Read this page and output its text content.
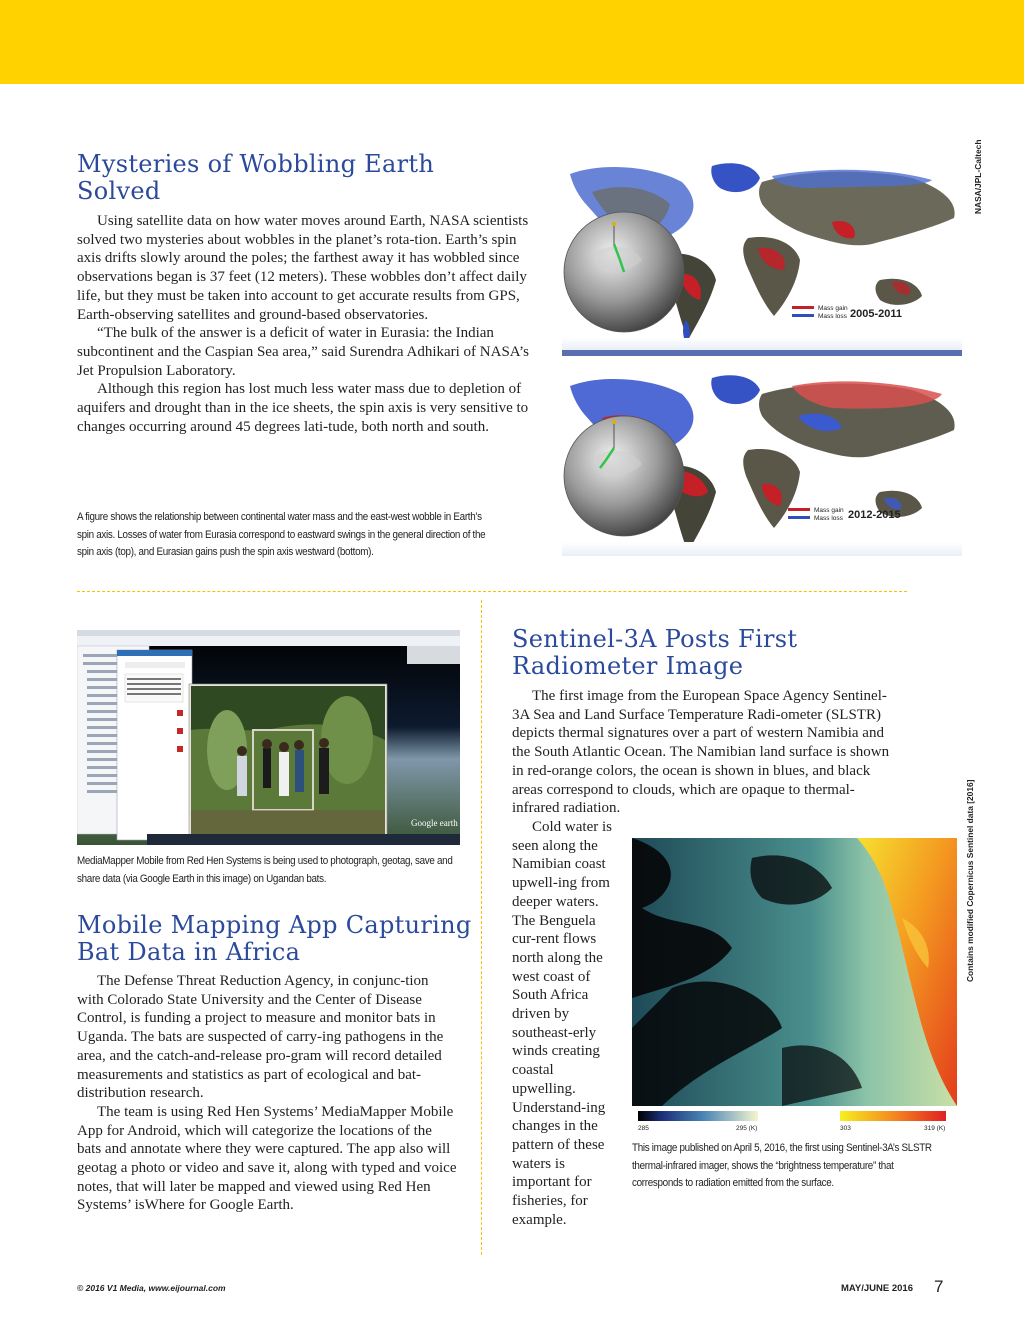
Mysteries of Wobbling Earth Solved

Using satellite data on how water moves around Earth, NASA scientists solved two mysteries about wobbles in the planet’s rota-tion. Earth’s spin axis drifts slowly around the poles; the farthest away it has wobbled since observations began is 37 feet (12 meters). These wobbles don’t affect daily life, but they must be taken into account to get accurate results from GPS, Earth-observing satellites and ground-based observatories.

“The bulk of the answer is a deficit of water in Eurasia: the Indian subcontinent and the Caspian Sea area,” said Surendra Adhikari of NASA’s Jet Propulsion Laboratory.

Although this region has lost much less water mass due to depletion of aquifers and drought than in the ice sheets, the spin axis is very sensitive to changes occurring around 45 degrees lati-tude, both north and south.

A figure shows the relationship between continental water mass and the east-west wobble in Earth’s spin axis. Losses of water from Eurasia correspond to eastward swings in the general direction of the spin axis (top), and Eurasian gains push the spin axis westward (bottom).
Mass gain
Mass loss 2005-2011
Mass gain
Mass loss 2012-2015
NASA/JPL-Caltech
Google earth
MediaMapper Mobile from Red Hen Systems is being used to photograph, geotag, save and share data (via Google Earth in this image) on Ugandan bats.
Mobile Mapping App Capturing Bat Data in Africa

The Defense Threat Reduction Agency, in conjunc-tion with Colorado State University and the Center of Disease Control, is funding a project to measure and monitor bats in Uganda. The bats are suspected of carry-ing pathogens in the area, and the catch-and-release pro-gram will record detailed measurements and statistics as part of ecological and bat-distribution research.

The team is using Red Hen Systems’ MediaMapper Mobile App for Android, which will categorize the locations of the bats and annotate where they were captured. The app also will geotag a photo or video and save it, along with typed and voice notes, that will later be mapped and viewed using Red Hen Systems’ isWhere for Google Earth.

Sentinel-3A Posts First Radiometer Image

The first image from the European Space Agency Sentinel-3A Sea and Land Surface Temperature Radi-ometer (SLSTR) depicts thermal signatures over a part of western Namibia and the South Atlantic Ocean. The Namibian land surface is shown in red-orange colors, the ocean is shown in blues, and black areas correspond to clouds, which are opaque to thermal-infrared radiation.

Cold water is seen along the Namibian coast upwell-ing from deeper waters. The Benguela cur-rent flows north along the west coast of South Africa driven by southeast-erly winds creating coastal upwelling. Understand-ing changes in the pattern of these waters is important for fisheries, for example.

285	295 (K)	303	319 (K)
Contains modified Copernicus Sentinel data [2016]
This image published on April 5, 2016, the first using Sentinel-3A’s SLSTR thermal-infrared imager, shows the “brightness temperature” that corresponds to radiation emitted from the surface.
© 2016 V1 Media, www.eijournal.com	MAY/JUNE 2016 7
